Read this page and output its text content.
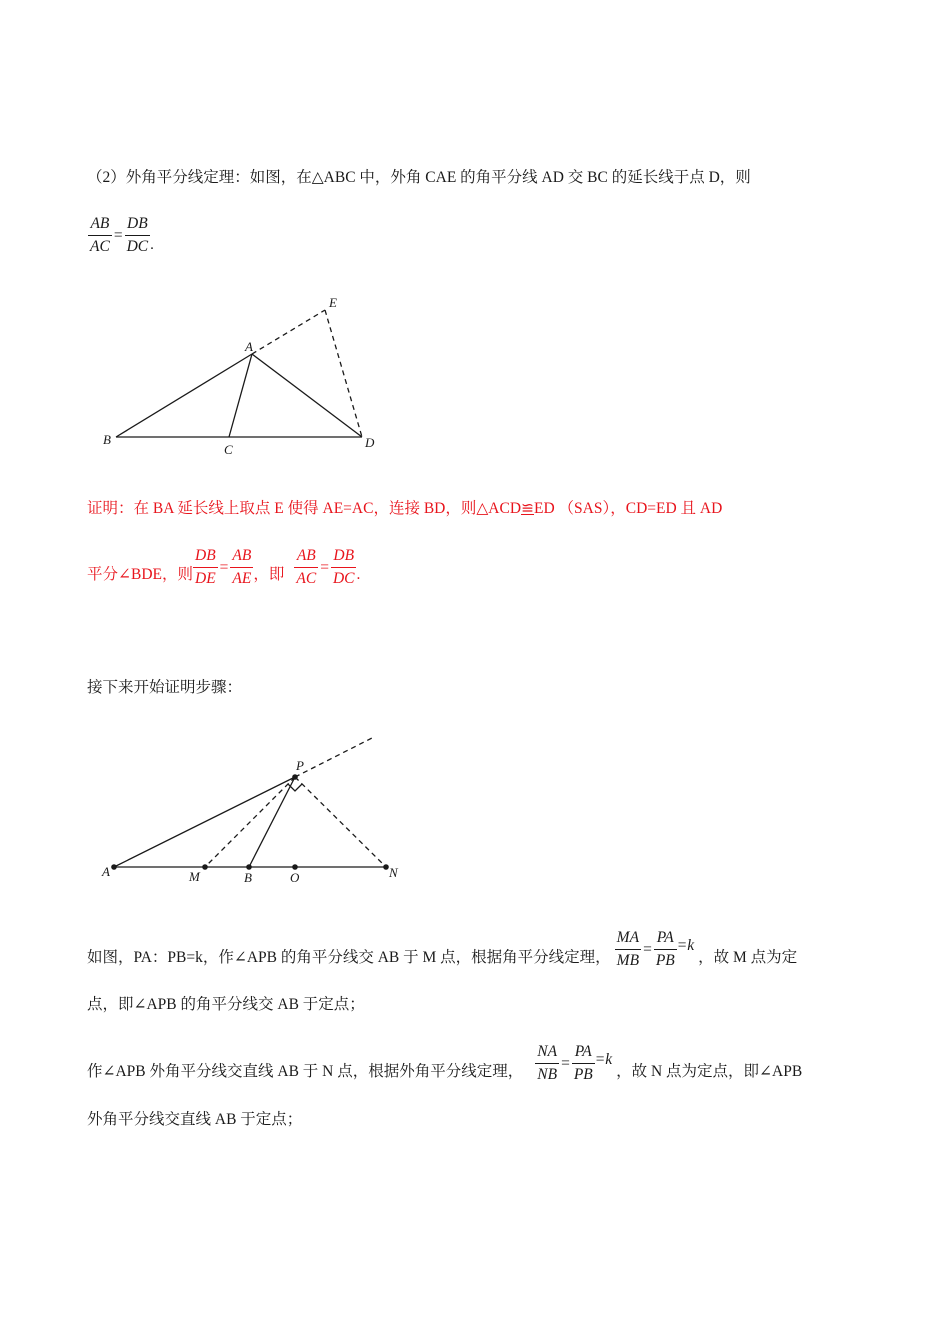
（2）外角平分线定理：如图，在△ABC 中，外角 CAE 的角平分线 AD 交 BC 的延长线于点 D，则
$\frac{AB}{AC} = \frac{DB}{DC}$ .
E
A
B
C	D
证明：在 BA 延长线上取点 E 使得 AE=AC，连接 BD，则△ACD≌ED （SAS），CD=ED 且 AD
平分∠BDE，则 $\frac{DB}{DE} = \frac{AB}{AE}$ ，即 $\frac{AB}{AC} = \frac{DB}{DC}$ .
接下来开始证明步骤：
P
A	M	B	O	N
如图，PA：PB=k，作∠APB 的角平分线交 AB 于 M 点，根据角平分线定理， $\frac{MA}{MB} = \frac{PA}{PB} =k$
，故 M 点为定
点，即∠APB 的角平分线交 AB 于定点；
作∠APB 外角平分线交直线 AB 于 N 点，根据外角平分线定理， $\frac{NA}{NB} = \frac{PA}{PB} =k$
，故 N 点为定点，即∠APB
外角平分线交直线 AB 于定点；
